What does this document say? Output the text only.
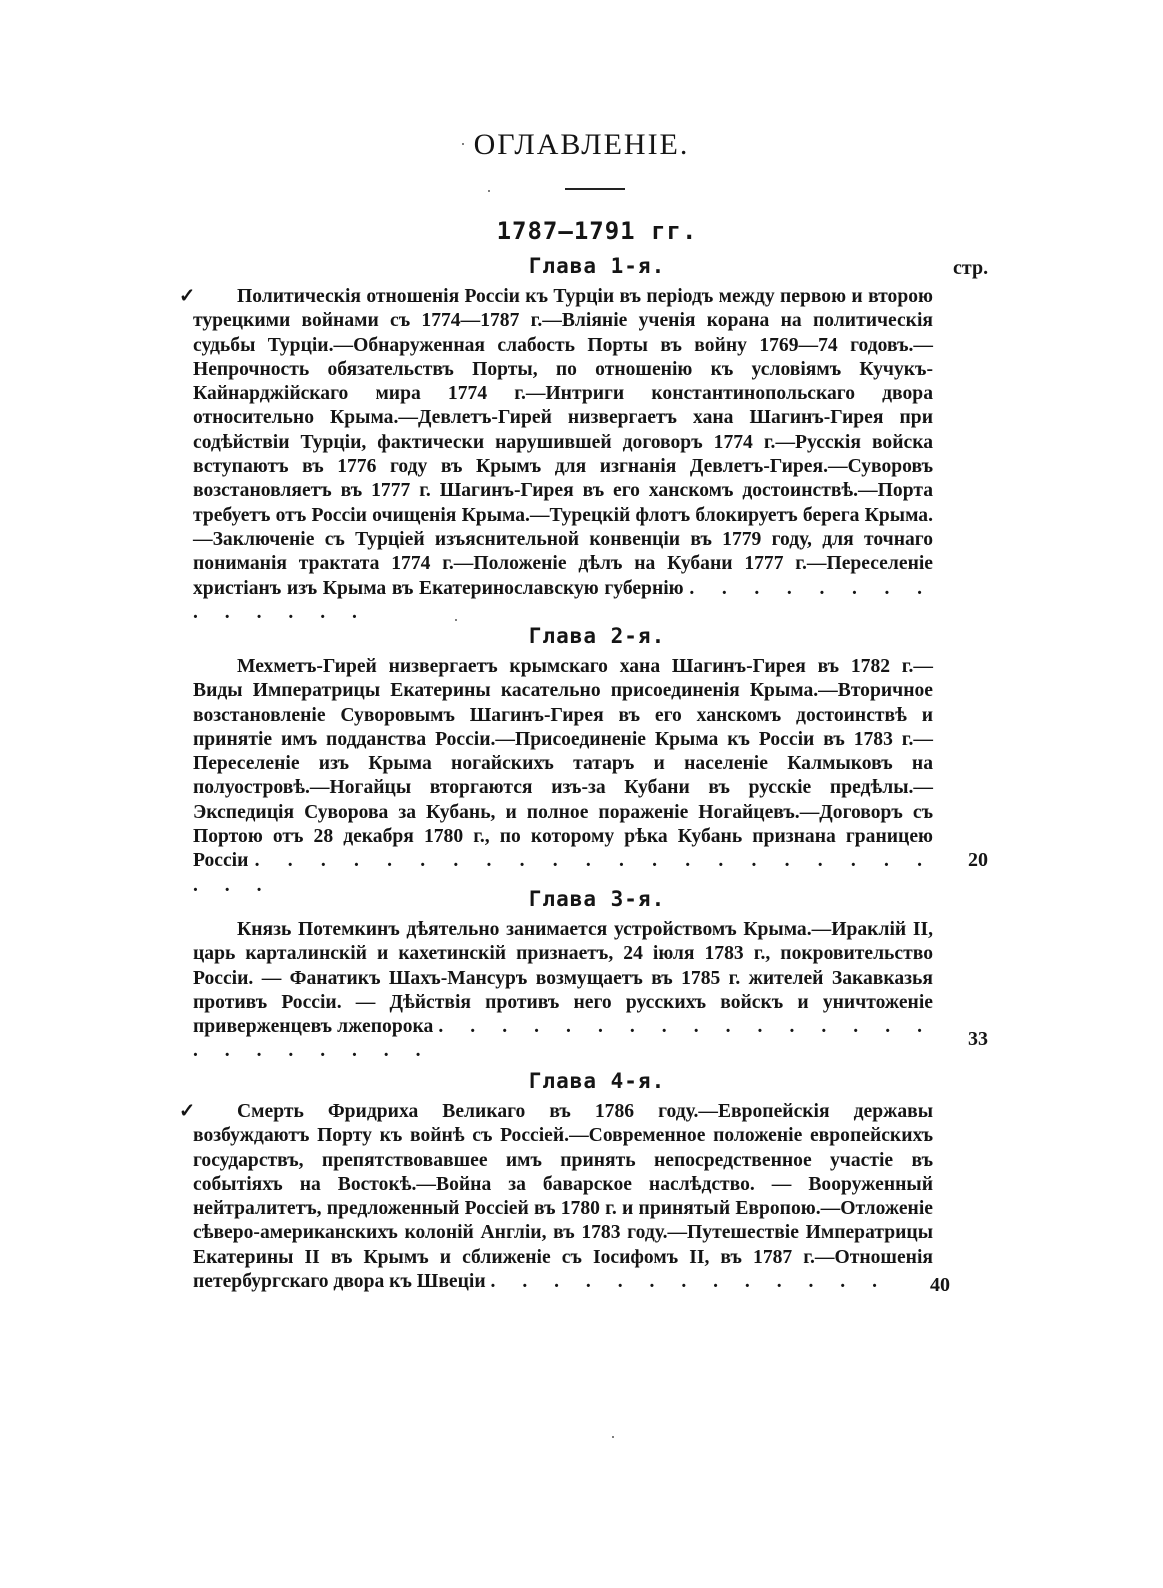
ОГЛАВЛЕНІЕ.
1787—1791 гг.
стр.
Глава 1-я.

✓ Политическія отношенія Россіи къ Турціи въ періодъ между первою и второю турецкими войнами съ 1774—1787 г.—Вліяніе ученія корана на политическія судьбы Турціи.—Обнаруженная слабость Порты въ войну 1769—74 годовъ.—Непрочность обязательствъ Порты, по отношенію къ условіямъ Кучукъ-Кайнарджійскаго мира 1774 г.—Интриги константинопольскаго двора относительно Крыма.—Девлетъ-Гирей низвергаетъ хана Шагинъ-Гирея при содѣйствіи Турціи, фактически нарушившей договоръ 1774 г.—Русскія войска вступаютъ въ 1776 году въ Крымъ для изгнанія Девлетъ-Гирея.—Суворовъ возстановляетъ въ 1777 г. Шагинъ-Гирея въ его ханскомъ достоинствѣ.—Порта требуетъ отъ Россіи очищенія Крыма.—Турецкій флотъ блокируетъ берега Крыма.—Заключеніе съ Турціей изъяснительной конвенціи въ 1779 году, для точнаго пониманія трактата 1774 г.—Положеніе дѣлъ на Кубани 1777 г.—Переселеніе христіанъ изъ Крыма въ Екатеринославскую губернію . . . . . . . . . . . . . .

Глава 2-я.

Мехметъ-Гирей низвергаетъ крымскаго хана Шагинъ-Гирея въ 1782 г.—Виды Императрицы Екатерины касательно присоединенія Крыма.—Вторичное возстановленіе Суворовымъ Шагинъ-Гирея въ его ханскомъ достоинствѣ и принятіе имъ подданства Россіи.—Присоединеніе Крыма къ Россіи въ 1783 г.—Переселеніе изъ Крыма ногайскихъ татаръ и населеніе Калмыковъ на полуостровѣ.—Ногайцы вторгаются изъ-за Кубани въ русскіе предѣлы.—Экспедиція Суворова за Кубань, и полное пораженіе Ногайцевъ.—Договоръ съ Портою отъ 28 декабря 1780 г., по которому рѣка Кубань признана границею Россіи . . . . . . . . . . . . . . . . . . . . . . . .

20
Глава 3-я.

Князь Потемкинъ дѣятельно занимается устройствомъ Крыма.—Ираклій II, царь карталинскій и кахетинскій признаетъ, 24 іюля 1783 г., покровительство Россіи. — Фанатикъ Шахъ-Мансуръ возмущаетъ въ 1785 г. жителей Закавказья противъ Россіи. — Дѣйствія противъ него русскихъ войскъ и уничтоженіе приверженцевъ лжепорока . . . . . . . . . . . . . . . . . . . . . . . .

33
Глава 4-я.

✓ Смерть Фридриха Великаго въ 1786 году.—Европейскія державы возбуждаютъ Порту къ войнѣ съ Россіей.—Современное положеніе европейскихъ государствъ, препятствовавшее имъ принять непосредственное участіе въ событіяхъ на Востокѣ.—Война за баварское наслѣдство. — Вооруженный нейтралитетъ, предложенный Россіей въ 1780 г. и принятый Европою.—Отложеніе сѣверо-американскихъ колоній Англіи, въ 1783 году.—Путешествіе Императрицы Екатерины II въ Крымъ и сближеніе съ Іосифомъ II, въ 1787 г.—Отношенія петербургскаго двора къ Швеціи . . . . . . . . . . . . .	40
